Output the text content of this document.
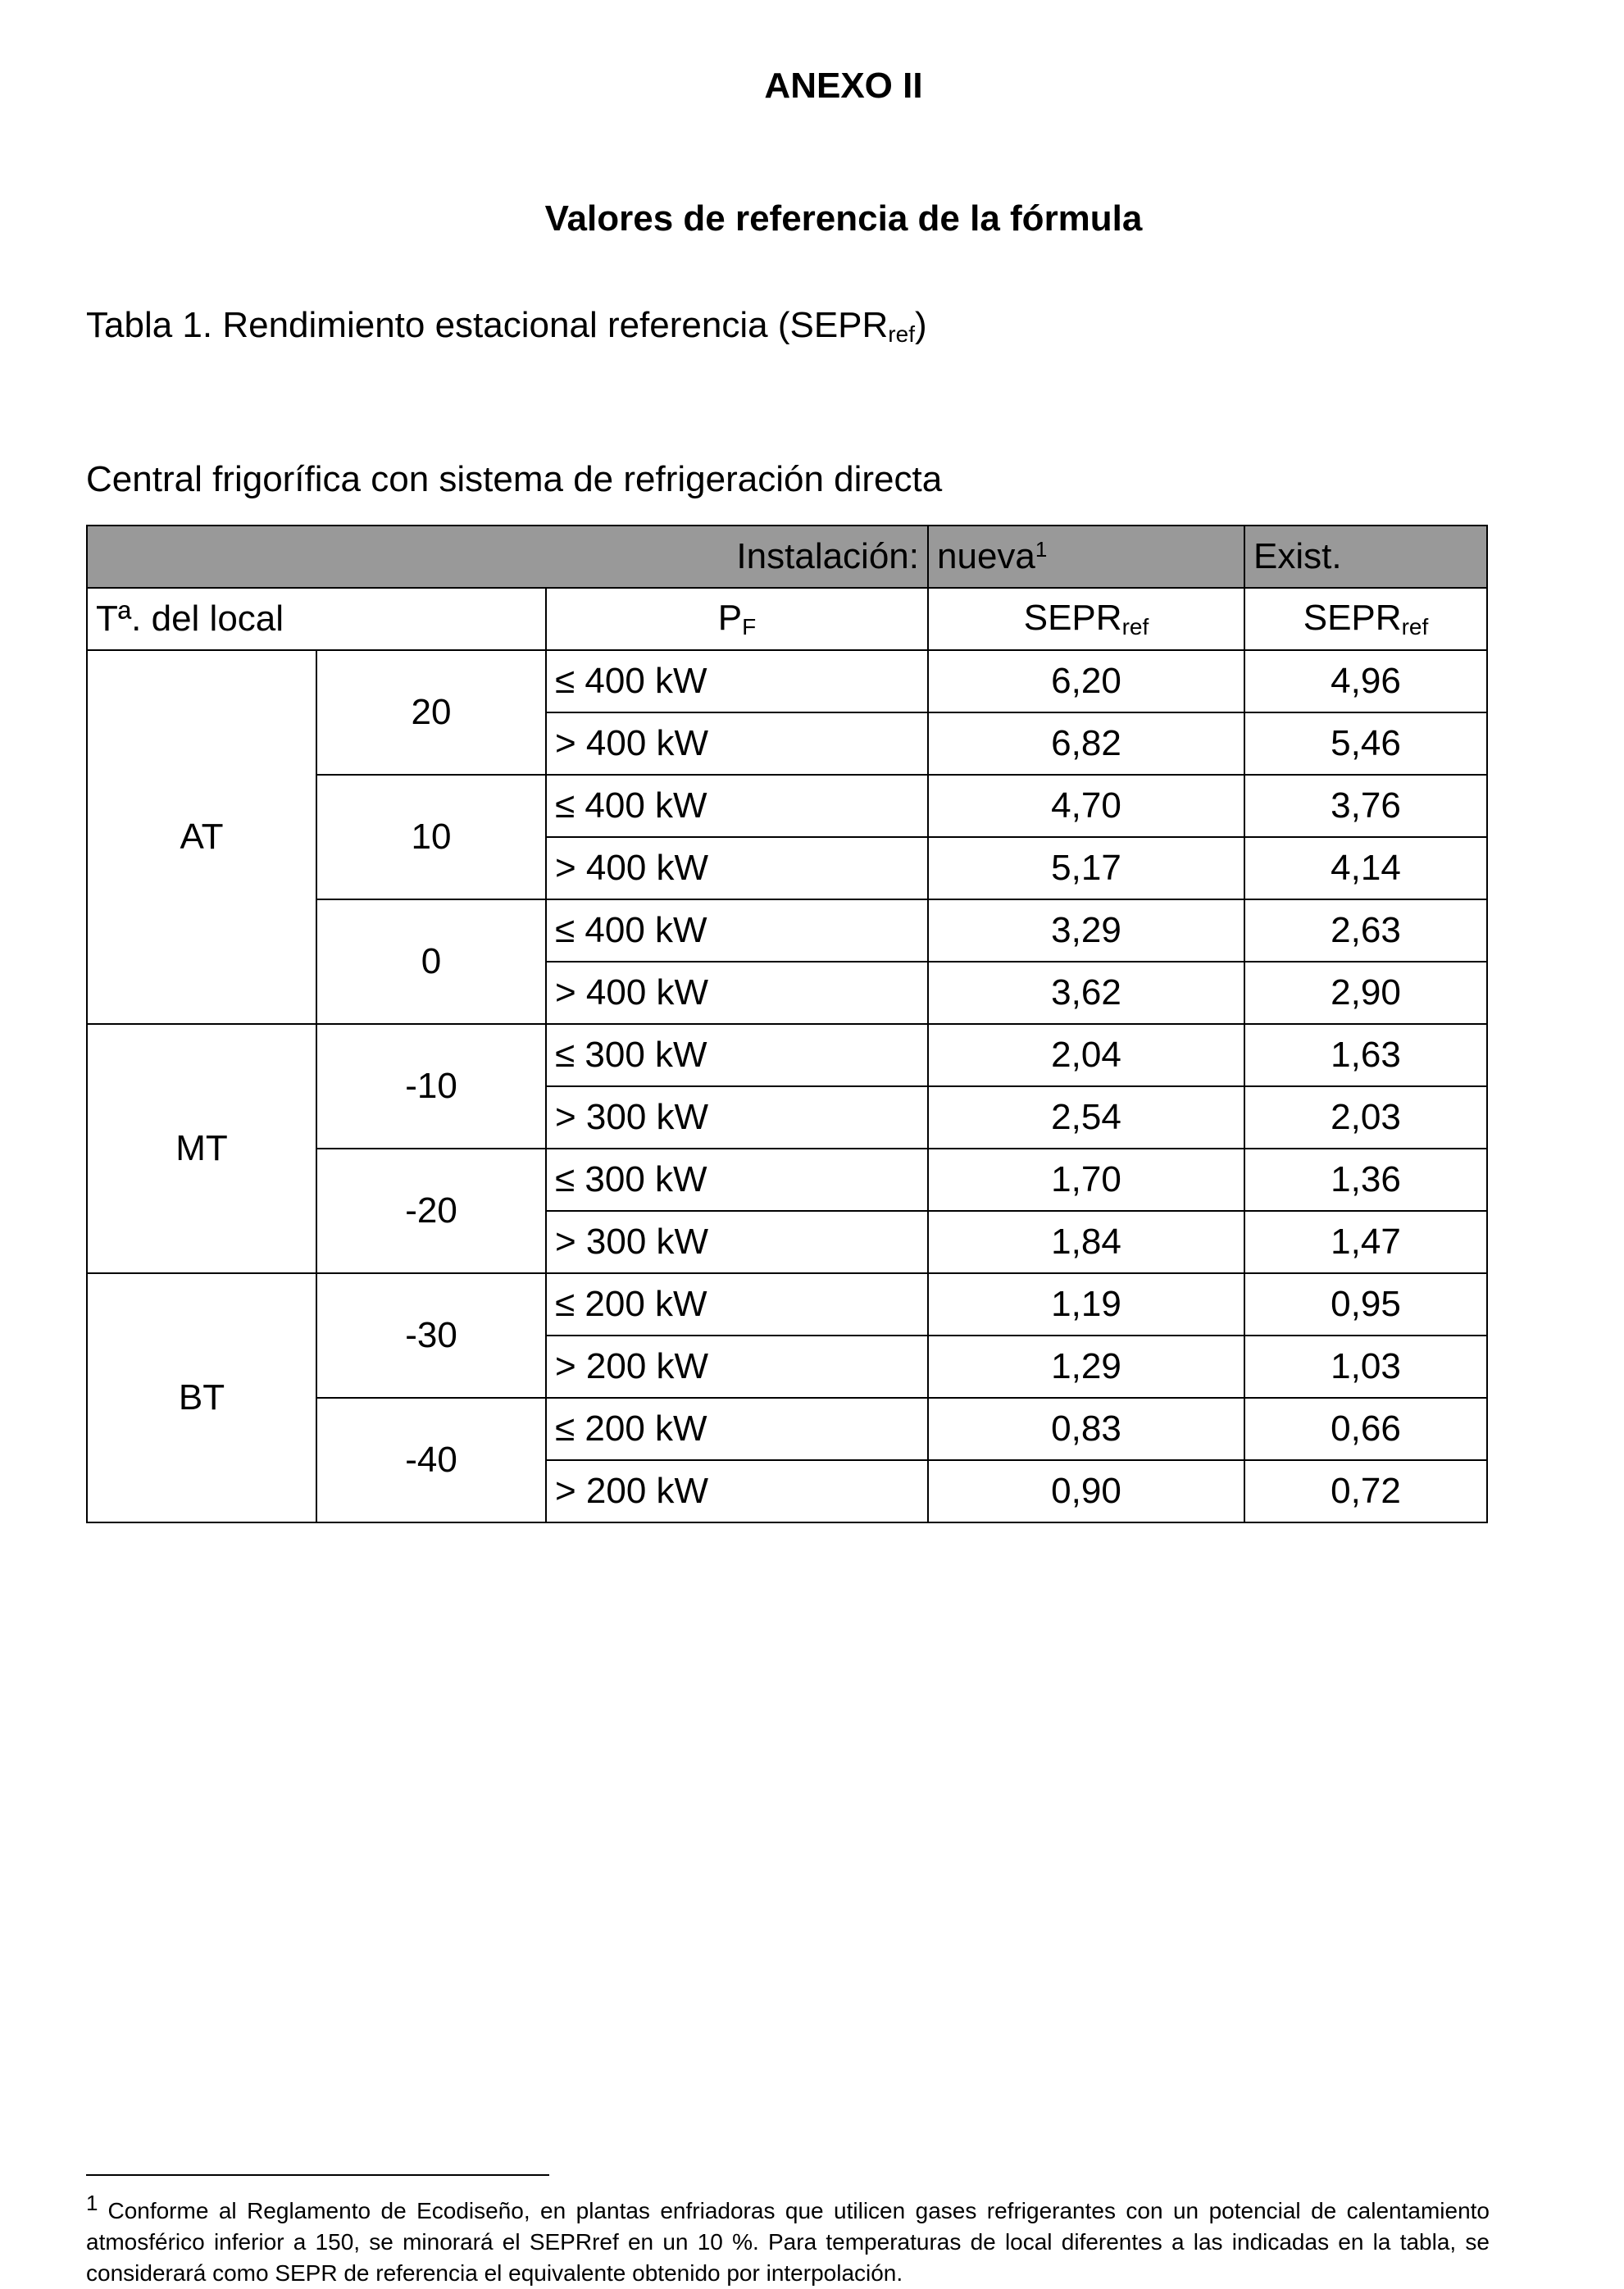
ANEXO II
Valores de referencia de la fórmula
Tabla 1. Rendimiento estacional referencia $(SEPR_{ref})$
Central frigorífica con sistema de refrigeración directa
Instalación:			nueva$^1$	Exist.
Tª. del local		$P_F$	$SEPR_{ref}$	$SEPR_{ref}$
AT	20	≤ 400 kW	6,20	4,96
		> 400 kW	6,82	5,46
	10	≤ 400 kW	4,70	3,76
		> 400 kW	5,17	4,14
	0	≤ 400 kW	3,29	2,63
		> 400 kW	3,62	2,90
MT	-10	≤ 300 kW	2,04	1,63
		> 300 kW	2,54	2,03
	-20	≤ 300 kW	1,70	1,36
		> 300 kW	1,84	1,47
BT	-30	≤ 200 kW	1,19	0,95
		> 200 kW	1,29	1,03
	-40	≤ 200 kW	0,83	0,66
		> 200 kW	0,90	0,72
$^1$ Conforme al Reglamento de Ecodiseño, en plantas enfriadoras que utilicen gases refrigerantes con un potencial de calentamiento atmosférico inferior a 150, se minorará el SEPRref en un 10 %. Para temperaturas de local diferentes a las indicadas en la tabla, se considerará como SEPR de referencia el equivalente obtenido por interpolación.
